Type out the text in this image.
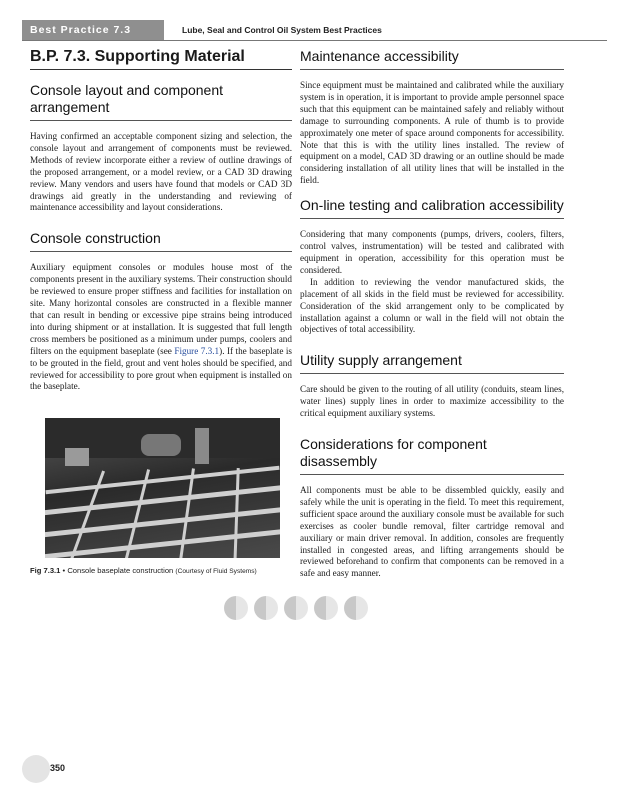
Best Practice 7.3	Lube, Seal and Control Oil System Best Practices
B.P. 7.3. Supporting Material
Console layout and component arrangement

Having confirmed an acceptable component sizing and selection, the console layout and arrangement of components must be reviewed. Methods of review incorporate either a review of outline drawings of the proposed arrangement, or a model review, or a CAD 3D drawing review. Many vendors and users have found that models or CAD 3D drawings aid greatly in the understanding and reviewing of maintenance accessibility and layout considerations.

Console construction

Auxiliary equipment consoles or modules house most of the components present in the auxiliary systems. Their construction should be reviewed to ensure proper stiffness and facilities for installation on site. Many horizontal consoles are constructed in a flexible manner that can result in bending or excessive pipe strains being introduced into during shipment or at installation. It is suggested that full length cross members be positioned as a minimum under pumps, coolers and filters on the equipment baseplate (see Figure 7.3.1). If the baseplate is to be grouted in the field, grout and vent holes should be specified, and reviewed for accessibility to pore grout when equipment is installed on the baseplate.

Fig 7.3.1 • Console baseplate construction (Courtesy of Fluid Systems)
Maintenance accessibility

Since equipment must be maintained and calibrated while the auxiliary system is in operation, it is important to provide ample personnel space such that this equipment can be maintained safely and reliably without damage to surrounding components. A rule of thumb is to provide approximately one meter of space around components for accessibility. Note that this is with the utility lines installed. The review of equipment on a model, CAD 3D drawing or an outline should be made considering installation of all utility lines that will be installed in the field.

On-line testing and calibration accessibility

Considering that many components (pumps, drivers, coolers, filters, control valves, instrumentation) will be tested and calibrated with equipment in operation, accessibility for this operation must be considered.

In addition to reviewing the vendor manufactured skids, the placement of all skids in the field must be reviewed for accessibility. Consideration of the skid arrangement only to be complicated by installation against a column or wall in the field will not obtain the objectives of total accessibility.

Utility supply arrangement

Care should be given to the routing of all utility (conduits, steam lines, water lines) supply lines in order to maximize accessibility to the critical equipment auxiliary systems.

Considerations for component disassembly

All components must be able to be dissembled quickly, easily and safely while the unit is operating in the field. To meet this requirement, sufficient space around the auxiliary console must be available for such exercises as cooler bundle removal, filter cartridge removal and auxiliary or main driver removal. In addition, consoles are frequently installed in congested areas, and lifting arrangements should be reviewed beforehand to confirm that components can be removed in a safe and easy manner.

350
